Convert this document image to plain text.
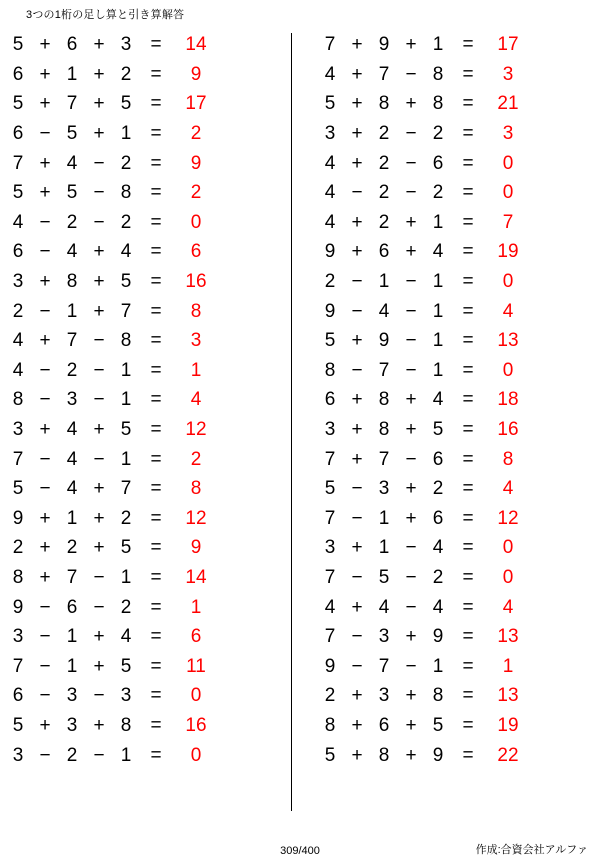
3つの1桁の足し算と引き算解答
5 + 6 + 3	=	14
6 + 1 + 2	=	9
5 + 7 + 5	=	17
6 − 5 + 1	=	2
7 + 4 − 2	=	9
5 + 5 − 8	=	2
4 − 2 − 2	=	0
6 − 4 + 4	=	6
3 + 8 + 5	=	16
2 − 1 + 7	=	8
4 + 7 − 8	=	3
4 − 2 − 1	=	1
8 − 3 − 1	=	4
3 + 4 + 5	=	12
7 − 4 − 1	=	2
5 − 4 + 7	=	8
9 + 1 + 2	=	12
2 + 2 + 5	=	9
8 + 7 − 1	=	14
9 − 6 − 2	=	1
3 − 1 + 4	=	6
7 − 1 + 5	=	11
6 − 3 − 3	=	0
5 + 3 + 8	=	16
3 − 2 − 1	=	0
7 + 9 + 1	=	17
4 + 7 − 8	=	3
5 + 8 + 8	=	21
3 + 2 − 2	=	3
4 + 2 − 6	=	0
4 − 2 − 2	=	0
4 + 2 + 1	=	7
9 + 6 + 4	=	19
2 − 1 − 1	=	0
9 − 4 − 1	=	4
5 + 9 − 1	=	13
8 − 7 − 1	=	0
6 + 8 + 4	=	18
3 + 8 + 5	=	16
7 + 7 − 6	=	8
5 − 3 + 2	=	4
7 − 1 + 6	=	12
3 + 1 − 4	=	0
7 − 5 − 2	=	0
4 + 4 − 4	=	4
7 − 3 + 9	=	13
9 − 7 − 1	=	1
2 + 3 + 8	=	13
8 + 6 + 5	=	19
5 + 8 + 9	=	22
309/400	作成:合資会社アルファ
